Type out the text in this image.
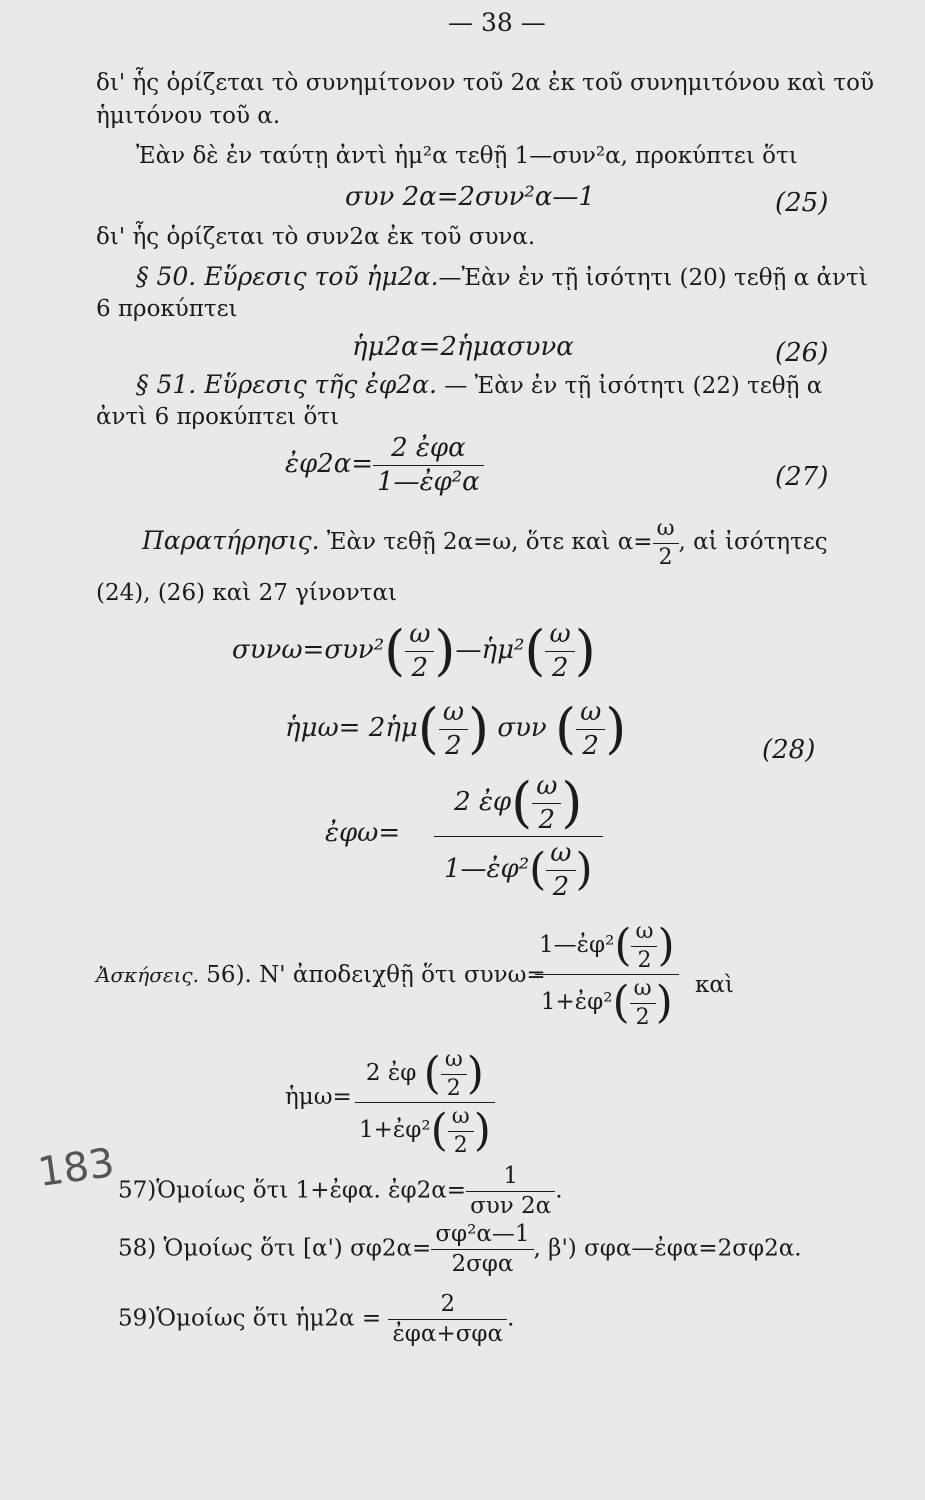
— 38 —
δι' ἧς ὁρίζεται τὸ συνημίτονον τοῦ 2α ἐκ τοῦ συνημιτόνου καὶ τοῦ
ἡμιτόνου τοῦ α.
Ἐὰν δὲ ἐν ταύτῃ ἀντὶ ἡμ²α τεθῇ 1—συν²α, προκύπτει ὅτι
συν 2α=2συν²α—1	(25)
δι' ἧς ὁρίζεται τὸ συν2α ἐκ τοῦ συνα.
§ 50. Εὕρεσις τοῦ ἡμ2α.—Ἐὰν ἐν τῇ ἰσότητι (20) τεθῇ α ἀντὶ
6 προκύπτει
ἡμ2α=2ἡμασυνα	(26)
§ 51. Εὕρεσις τῆς ἐφ2α. — Ἐὰν ἐν τῇ ἰσότητι (22) τεθῇ α
ἀντὶ 6 προκύπτει ὅτι
ἐφ2α= $\frac{\text{2 ἐφα}}{\text{1—ἐφ²α}}$	(27)
Παρατήρησις. Ἐὰν τεθῇ 2α=ω, ὅτε καὶ $\alpha= \frac{\omega}{2}$ , αἱ ἰσότητες
(24), (26) καὶ 27 γίνονται
$\sigma\upsilon\nu\omega=\sigma\upsilon\nu^2( \frac{\omega}{2}$ )—ἡμ²( $\frac{\omega}{2}$ )
ἡμω= 2ἡμ( $\frac{\omega}{2}$ ) συν ( $\frac{\omega}{2}$ )	(28)
ἐφω= $\frac{2 ἐ\varphi( \frac{\omega}{2} )}{1—ἐ\varphi^2( \frac{\omega}{2} )}$
Ἀσκήσεις. 56). Ν' ἀποδειχθῇ ὅτι συνω=
$\frac{1—ἐ\varphi^2( \frac{\omega}{2} )}{1+ἐ\varphi^2( \frac{\omega}{2} )}$ καὶ
ἡμω= $\frac{2 ἐ\varphi ( \frac{\omega}{2} )}{1+ἐ\varphi^2( \frac{\omega}{2} )}$
183 57)Ὁμοίως ὅτι 1+ἐφα. ἐφ2α= $\frac{1}{\text{συν 2α}}$ .
58) Ὁμοίως ὅτι [α') $\sigma\varphi 2\alpha= \frac{\text{σφ²α—1}}{\text{2σφα}}$ , β') σφα—ἐφα=2σφ2α.
59)Ὁμοίως ὅτι ἡμ2α = $\frac{2}{\text{ἐφα+σφα}}$ .
